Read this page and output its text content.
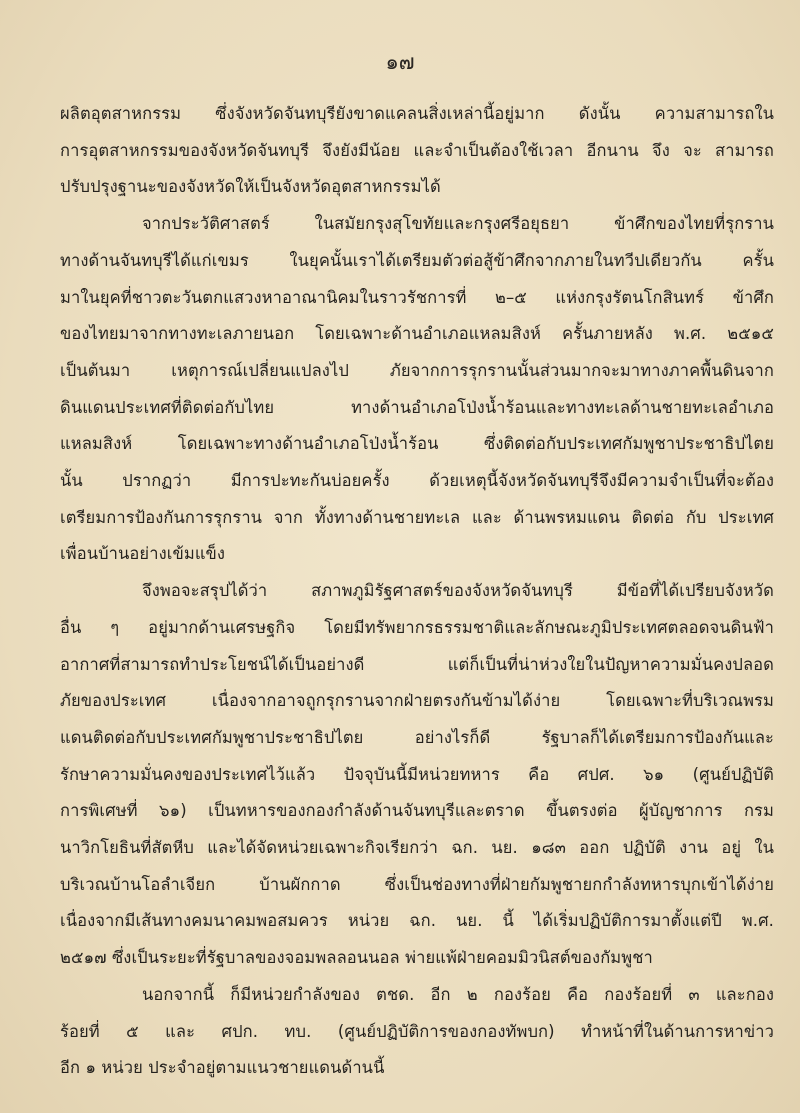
๑๗
ผลิตอุตสาหกรรม ซึ่งจังหวัดจันทบุรียังขาดแคลนสิ่งเหล่านี้อยู่มาก ดังนั้น ความสามารถใน
การอุตสาหกรรมของจังหวัดจันทบุรี จึงยังมีน้อย และจำเป็นต้องใช้เวลา อีกนาน จึง จะ สามารถ
ปรับปรุงฐานะของจังหวัดให้เป็นจังหวัดอุตสาหกรรมได้
จากประวัติศาสตร์ ในสมัยกรุงสุโขทัยและกรุงศรีอยุธยา ข้าศึกของไทยที่รุกราน
ทางด้านจันทบุรีได้แก่เขมร ในยุคนั้นเราได้เตรียมตัวต่อสู้ข้าศึกจากภายในทวีปเดียวกัน ครั้น
มาในยุคที่ชาวตะวันตกแสวงหาอาณานิคมในราวรัชการที่ ๒–๕ แห่งกรุงรัตนโกสินทร์ ข้าศึก
ของไทยมาจากทางทะเลภายนอก โดยเฉพาะด้านอำเภอแหลมสิงห์ ครั้นภายหลัง พ.ศ. ๒๕๑๕
เป็นต้นมา เหตุการณ์เปลี่ยนแปลงไป ภัยจากการรุกรานนั้นส่วนมากจะมาทางภาคพื้นดินจาก
ดินแดนประเทศที่ติดต่อกับไทย ทางด้านอำเภอโป่งน้ำร้อนและทางทะเลด้านชายทะเลอำเภอ
แหลมสิงห์ โดยเฉพาะทางด้านอำเภอโป่งน้ำร้อน ซึ่งติดต่อกับประเทศกัมพูชาประชาธิปไตย
นั้น ปรากฏว่า มีการปะทะกันบ่อยครั้ง ด้วยเหตุนี้จังหวัดจันทบุรีจึงมีความจำเป็นที่จะต้อง
เตรียมการป้องกันการรุกราน จาก ทั้งทางด้านชายทะเล และ ด้านพรหมแดน ติดต่อ กับ ประเทศ
เพื่อนบ้านอย่างเข้มแข็ง
จึงพอจะสรุปได้ว่า สภาพภูมิรัฐศาสตร์ของจังหวัดจันทบุรี มีข้อที่ได้เปรียบจังหวัด
อื่น ๆ อยู่มากด้านเศรษฐกิจ โดยมีทรัพยากรธรรมชาติและลักษณะภูมิประเทศตลอดจนดินฟ้า
อากาศที่สามารถทำประโยชน์ได้เป็นอย่างดี แต่ก็เป็นที่น่าห่วงใยในปัญหาความมั่นคงปลอด
ภัยของประเทศ เนื่องจากอาจถูกรุกรานจากฝ่ายตรงกันข้ามได้ง่าย โดยเฉพาะที่บริเวณพรม
แดนติดต่อกับประเทศกัมพูชาประชาธิปไตย อย่างไรก็ดี รัฐบาลก็ได้เตรียมการป้องกันและ
รักษาความมั่นคงของประเทศไว้แล้ว ปัจจุบันนี้มีหน่วยทหาร คือ ศปศ. ๖๑ (ศูนย์ปฏิบัติ
การพิเศษที่ ๖๑) เป็นทหารของกองกำลังด้านจันทบุรีและตราด ขึ้นตรงต่อ ผู้บัญชาการ กรม
นาวิกโยธินที่สัตหีบ และได้จัดหน่วยเฉพาะกิจเรียกว่า ฉก. นย. ๑๘๓ ออก ปฏิบัติ งาน อยู่ ใน
บริเวณบ้านโอลำเจียก บ้านผักกาด ซึ่งเป็นช่องทางที่ฝ่ายกัมพูชายกกำลังทหารบุกเข้าได้ง่าย
เนื่องจากมีเส้นทางคมนาคมพอสมควร หน่วย ฉก. นย. นี้ ได้เริ่มปฏิบัติการมาตั้งแต่ปี พ.ศ.
๒๕๑๗ ซึ่งเป็นระยะที่รัฐบาลของจอมพลลอนนอล พ่ายแพ้ฝ่ายคอมมิวนิสต์ของกัมพูชา
นอกจากนี้ ก็มีหน่วยกำลังของ ตชด. อีก ๒ กองร้อย คือ กองร้อยที่ ๓ และกอง
ร้อยที่ ๕ และ ศปก. ทบ. (ศูนย์ปฏิบัติการของกองทัพบก) ทำหน้าที่ในด้านการหาข่าว
อีก ๑ หน่วย ประจำอยู่ตามแนวชายแดนด้านนี้
